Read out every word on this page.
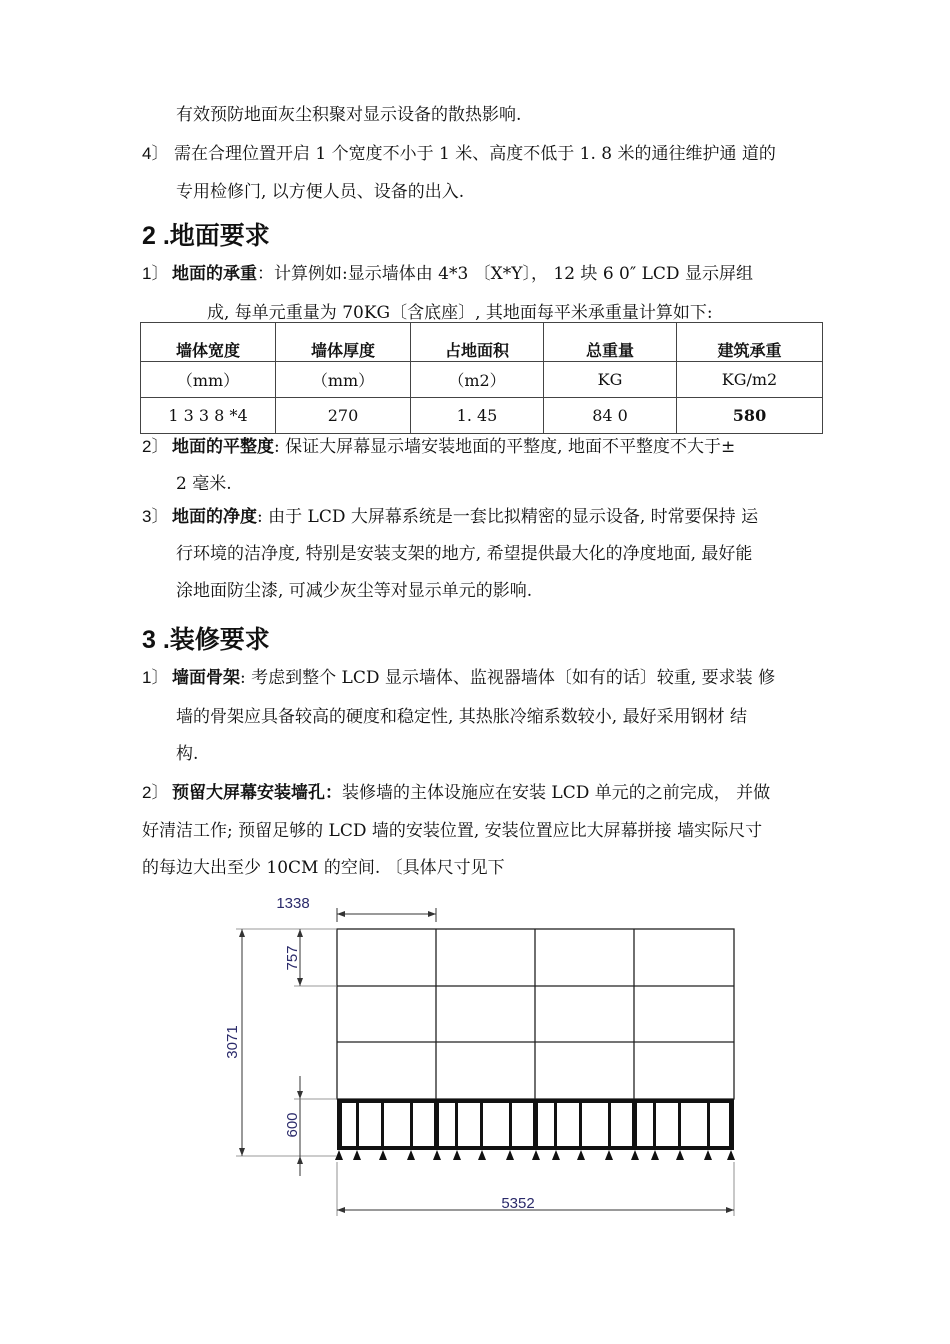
有效预防地面灰尘积聚对显示设备的散热影响.
4〕 需在合理位置开启 1 个宽度不小于 1 米、高度不低于 1. 8 米的通往维护通 道的
专用检修门, 以方便人员、设备的出入.
2 .地面要求
1〕 地面的承重：计算例如:显示墙体由 4*3 〔X*Y〕， 12 块 6 0″ LCD 显示屏组
成, 每单元重量为 70KG〔含底座〕, 其地面每平米承重量计算如下:
墙体宽度	墙体厚度	占地面积	总重量	建筑承重
（mm）	（mm）	（m2）	KG	KG/m2
1 3 3 8 *4	270	1. 45	84 0	580
2〕 地面的平整度: 保证大屏幕显示墙安装地面的平整度, 地面不平整度不大于±
2 毫米.
3〕 地面的净度: 由于 LCD 大屏幕系统是一套比拟精密的显示设备, 时常要保持 运
行环境的洁净度, 特别是安装支架的地方, 希望提供最大化的净度地面, 最好能
涂地面防尘漆, 可减少灰尘等对显示单元的影响.
3 .装修要求
1〕 墙面骨架: 考虑到整个 LCD 显示墙体、监视器墙体〔如有的话〕较重, 要求装 修
墙的骨架应具备较高的硬度和稳定性, 其热胀冷缩系数较小, 最好采用钢材 结
构.
2〕 预留大屏幕安装墙孔：装修墙的主体设施应在安装 LCD 单元的之前完成， 并做
好清洁工作; 预留足够的 LCD 墙的安装位置, 安装位置应比大屏幕拼接 墙实际尺寸
的每边大出至少 10CM 的空间. 〔具体尺寸见下
1338
3071
757
600
5352
